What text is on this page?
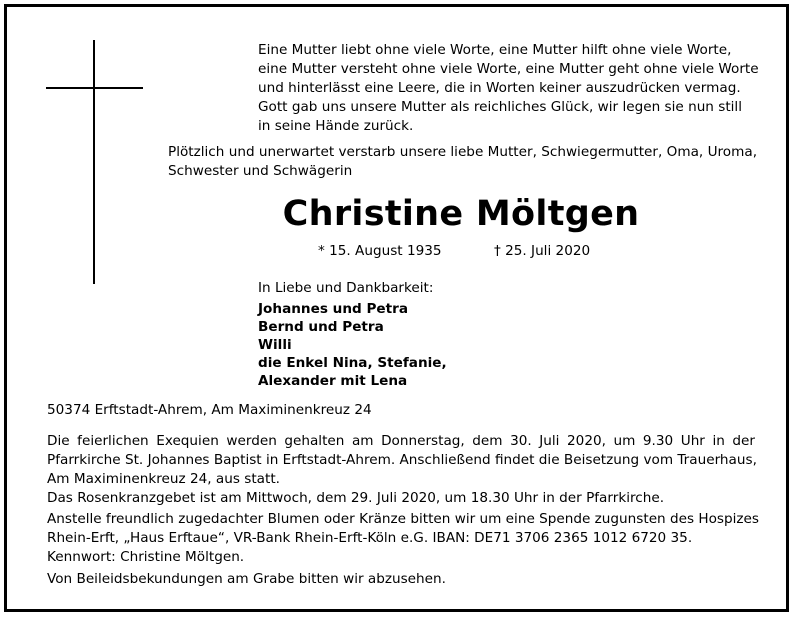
Eine Mutter liebt ohne viele Worte, eine Mutter hilft ohne viele Worte,
eine Mutter versteht ohne viele Worte, eine Mutter geht ohne viele Worte
und hinterlässt eine Leere, die in Worten keiner auszudrücken vermag.
Gott gab uns unsere Mutter als reichliches Glück, wir legen sie nun still
in seine Hände zurück.
Plötzlich und unerwartet verstarb unsere liebe Mutter, Schwiegermutter, Oma, Uroma,
Schwester und Schwägerin
Christine Möltgen
* 15. August 1935	† 25. Juli 2020
In Liebe und Dankbarkeit:
Johannes und Petra
Bernd und Petra
Willi
die Enkel Nina, Stefanie,
Alexander mit Lena
50374 Erftstadt-Ahrem, Am Maximinenkreuz 24
Die feierlichen Exequien werden gehalten am Donnerstag, dem 30. Juli 2020, um 9.30 Uhr in der
Pfarrkirche St. Johannes Baptist in Erftstadt-Ahrem. Anschließend findet die Beisetzung vom Trauerhaus,
Am Maximinenkreuz 24, aus statt.
Das Rosenkranzgebet ist am Mittwoch, dem 29. Juli 2020, um 18.30 Uhr in der Pfarrkirche.
Anstelle freundlich zugedachter Blumen oder Kränze bitten wir um eine Spende zugunsten des Hospizes
Rhein-Erft, „Haus Erftaue“, VR-Bank Rhein-Erft-Köln e.G. IBAN: DE71 3706 2365 1012 6720 35.
Kennwort: Christine Möltgen.
Von Beileidsbekundungen am Grabe bitten wir abzusehen.
